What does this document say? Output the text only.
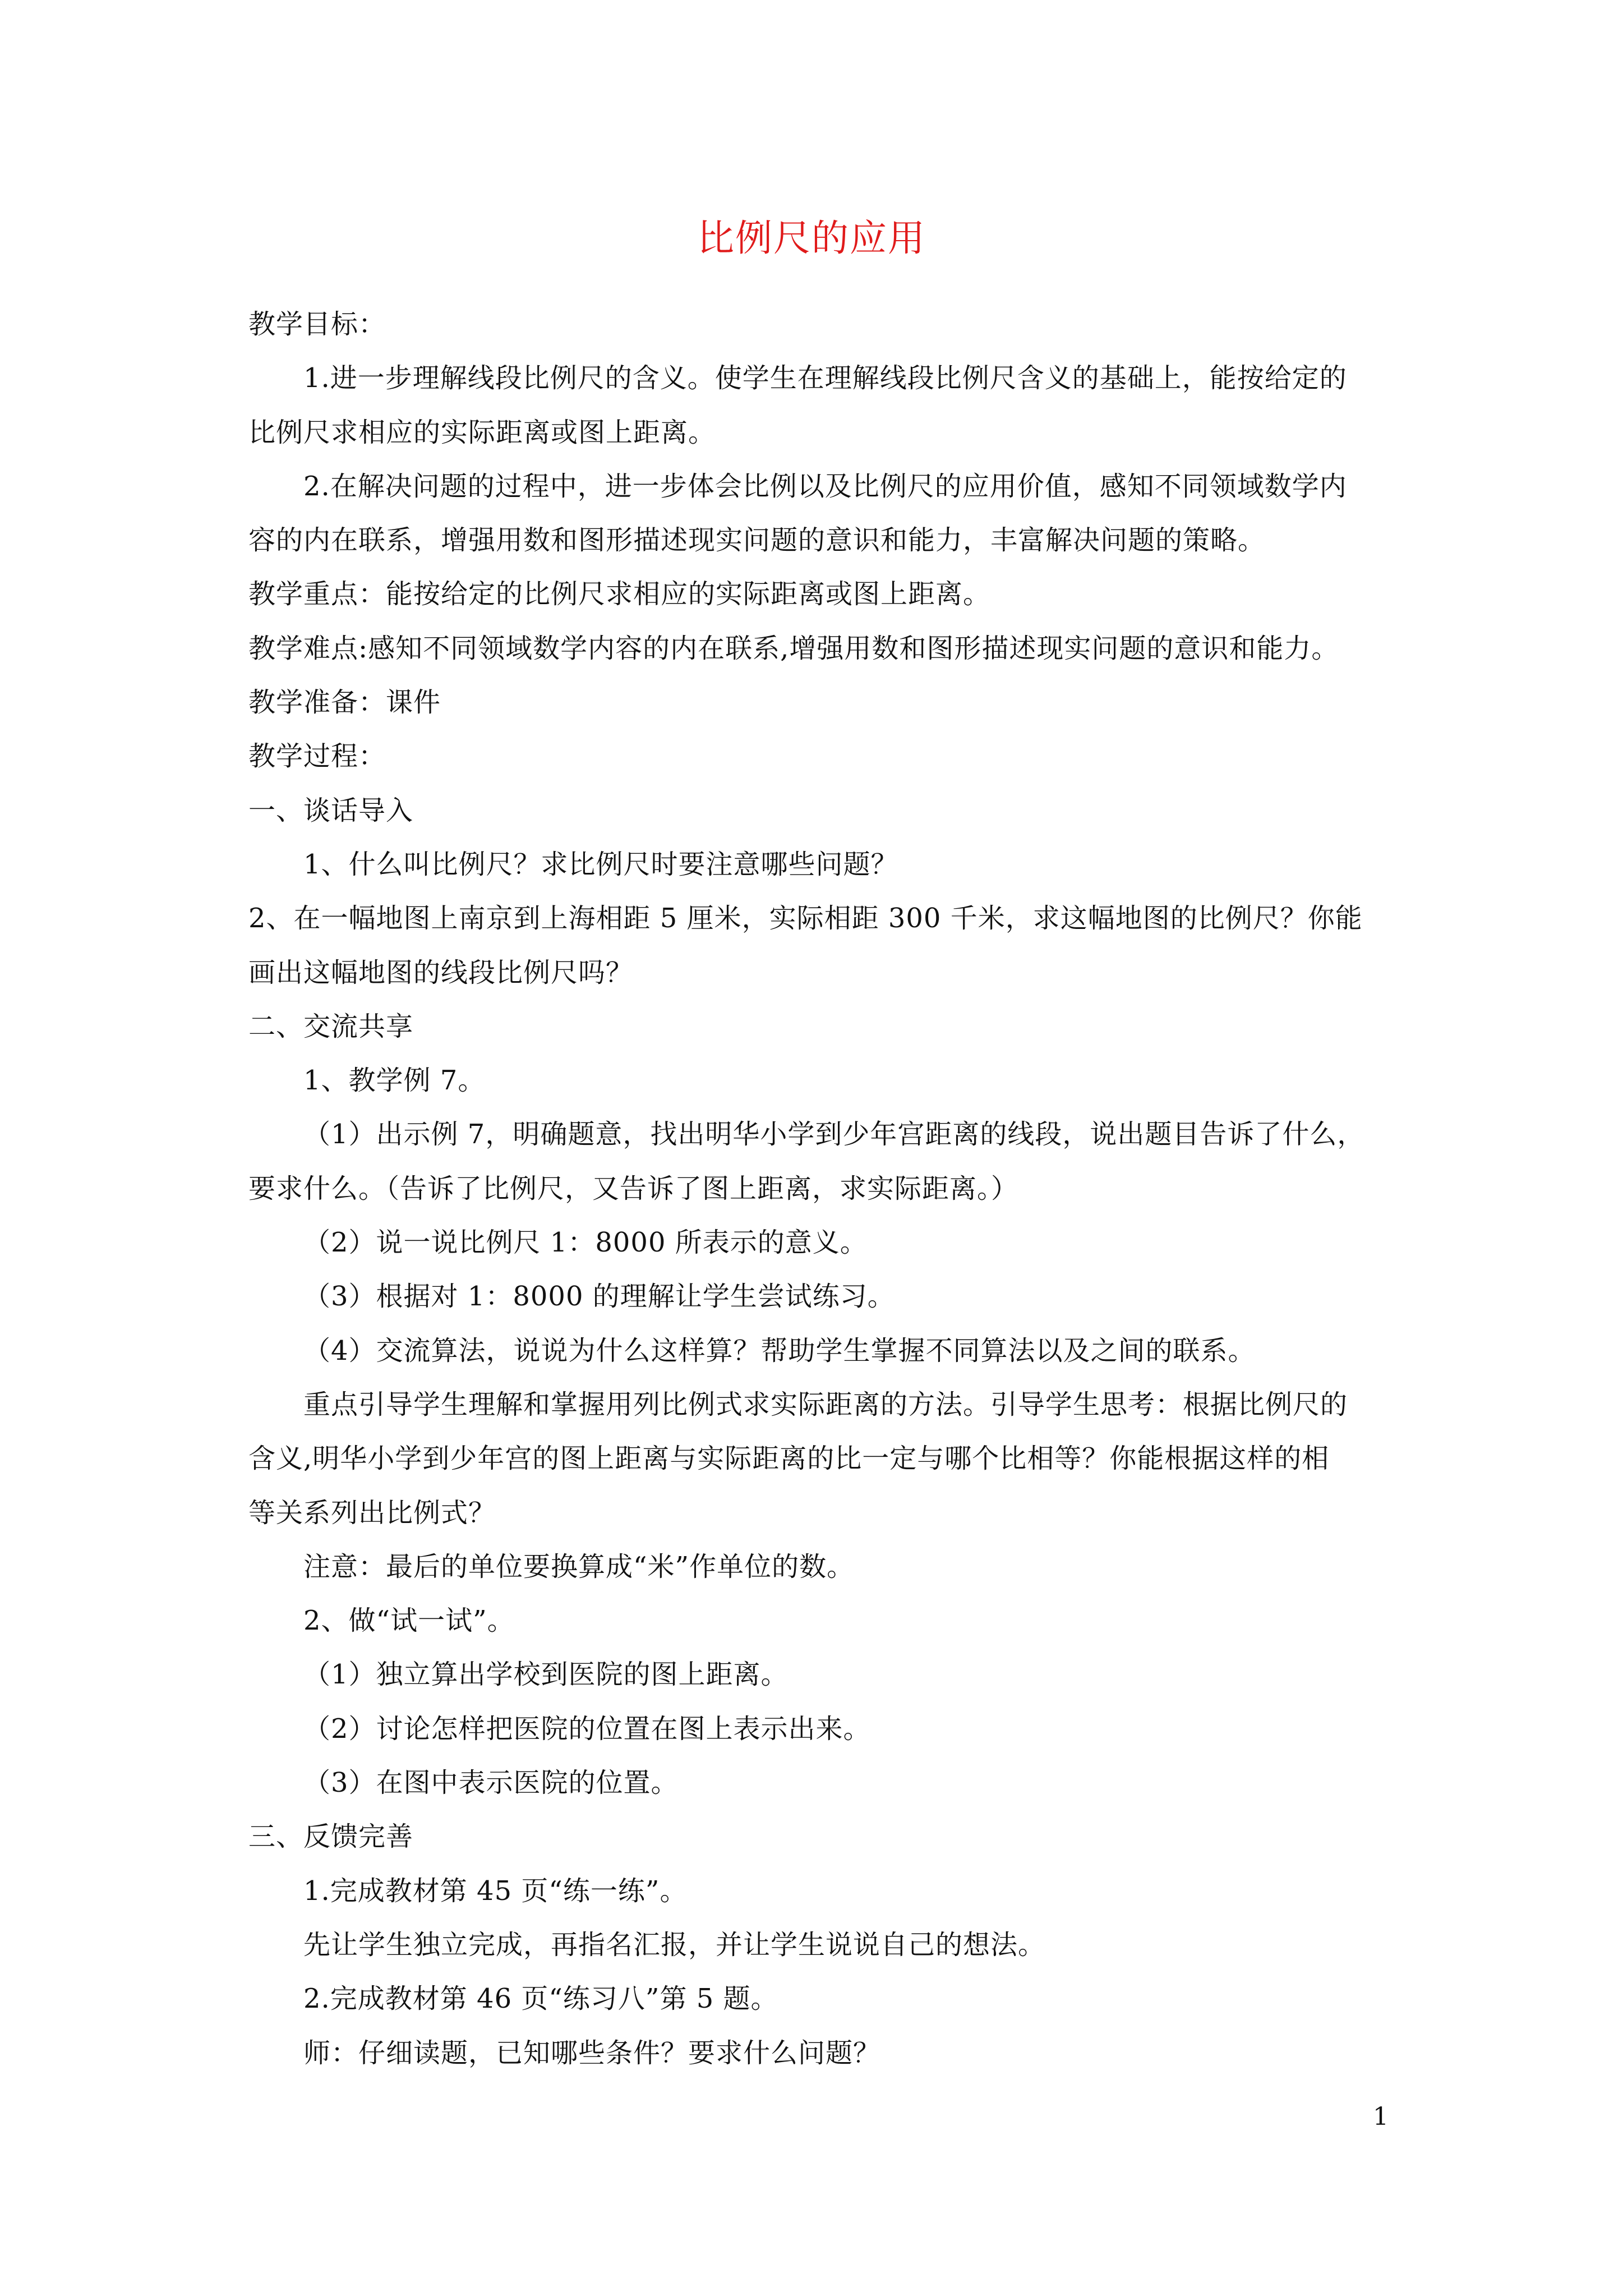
比例尺的应用
教学目标：
1.进一步理解线段比例尺的含义。使学生在理解线段比例尺含义的基础上，能按给定的
比例尺求相应的实际距离或图上距离。
2.在解决问题的过程中，进一步体会比例以及比例尺的应用价值，感知不同领域数学内
容的内在联系，增强用数和图形描述现实问题的意识和能力，丰富解决问题的策略。
教学重点：能按给定的比例尺求相应的实际距离或图上距离。
教学难点:感知不同领域数学内容的内在联系,增强用数和图形描述现实问题的意识和能力。
教学准备：课件
教学过程：
一、谈话导入
1、什么叫比例尺？求比例尺时要注意哪些问题？
2、在一幅地图上南京到上海相距 5 厘米，实际相距 300 千米，求这幅地图的比例尺？你能
画出这幅地图的线段比例尺吗？
二、交流共享
1、教学例 7。
（1）出示例 7，明确题意，找出明华小学到少年宫距离的线段，说出题目告诉了什么，
要求什么。（告诉了比例尺，又告诉了图上距离，求实际距离。）
（2）说一说比例尺 1：8000 所表示的意义。
（3）根据对 1：8000 的理解让学生尝试练习。
（4）交流算法，说说为什么这样算？帮助学生掌握不同算法以及之间的联系。
重点引导学生理解和掌握用列比例式求实际距离的方法。引导学生思考：根据比例尺的
含义,明华小学到少年宫的图上距离与实际距离的比一定与哪个比相等？你能根据这样的相
等关系列出比例式？
注意：最后的单位要换算成“米”作单位的数。
2、做“试一试”。
（1）独立算出学校到医院的图上距离。
（2）讨论怎样把医院的位置在图上表示出来。
（3）在图中表示医院的位置。
三、反馈完善
1.完成教材第 45 页“练一练”。
先让学生独立完成，再指名汇报，并让学生说说自己的想法。
2.完成教材第 46 页“练习八”第 5 题。
师：仔细读题，已知哪些条件？要求什么问题？
1
